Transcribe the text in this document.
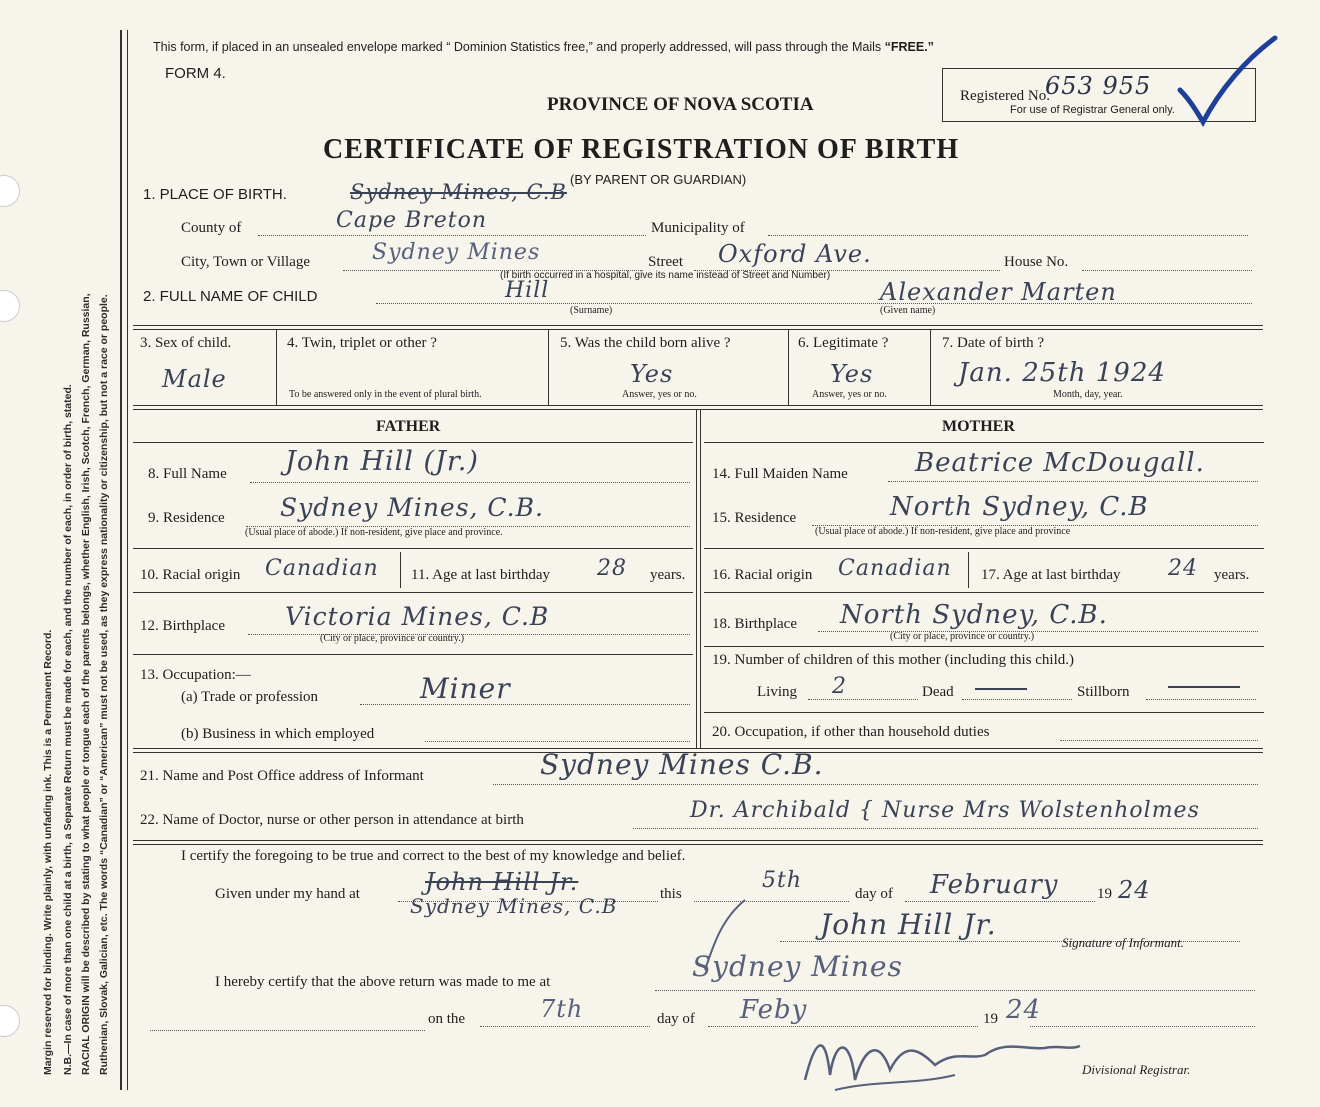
Margin reserved for binding. Write plainly, with unfading ink. This is a Permanent Record. N.B.—In case of more than one child at a birth, a Separate Return must be made for each, and the number of each, in order of birth, stated. RACIAL ORIGIN will be described by stating to what people or tongue each of the parents belongs, whether English, Irish, Scotch, French, German, Russian, Ruthenian, Slovak, Galician, etc. The words “Canadian” or “American” must not be used, as they express nationality or citizenship, but not a race or people.
This form, if placed in an unsealed envelope marked “ Dominion Statistics free,” and properly addressed, will pass through the Mails “FREE.”
FORM 4.
Registered No.
653 955
For use of Registrar General only.
PROVINCE OF NOVA SCOTIA
CERTIFICATE OF REGISTRATION OF BIRTH
(BY PARENT OR GUARDIAN)
1. PLACE OF BIRTH.	Sydney Mines, C.B
County of	Cape Breton	Municipality of
City, Town or Village	Sydney Mines	Street Oxford Ave.	House No.
(If birth occurred in a hospital, give its name instead of Street and Number)
2. FULL NAME OF CHILD	Hill
(Surname)
Alexander Marten
(Given name)
3. Sex of child.
Male
4. Twin, triplet or other ?
To be answered only in the event of plural birth.
5. Was the child born alive ?
Yes
Answer, yes or no.
6. Legitimate ?
Yes
Answer, yes or no.
7. Date of birth ?
Jan. 25th 1924
Month, day, year.
FATHER
8. Full Name John Hill (Jr.)
9. Residence Sydney Mines, C.B.
(Usual place of abode.) If non-resident, give place and province.
10. Racial origin Canadian 11. Age at last birthday 28 years.
12. Birthplace Victoria Mines, C.B
(City or place, province or country.)
13. Occupation:—
(a) Trade or profession	Miner
(b) Business in which employed
MOTHER
14. Full Maiden Name	Beatrice McDougall.
15. Residence	North Sydney, C.B
(Usual place of abode.) If non-resident, give place and province
16. Racial origin Canadian 17. Age at last birthday 24 years.
18. Birthplace North Sydney, C.B.
(City or place, province or country.)
19. Number of children of this mother (including this child.)
Living 2	Dead	Stillborn
20. Occupation, if other than household duties
21. Name and Post Office address of Informant	Sydney Mines C.B.
22. Name of Doctor, nurse or other person in attendance at birth	Dr. Archibald { Nurse Mrs Wolstenholmes
I certify the foregoing to be true and correct to the best of my knowledge and belief.
Given under my hand at	John Hill Jr.
Sydney Mines, C.B	this
5th
day of February	19 24
John Hill Jr.
Signature of Informant.
I hereby certify that the above return was made to me at	Sydney Mines
on the	7th	day of Feby	19 24
Divisional Registrar.
